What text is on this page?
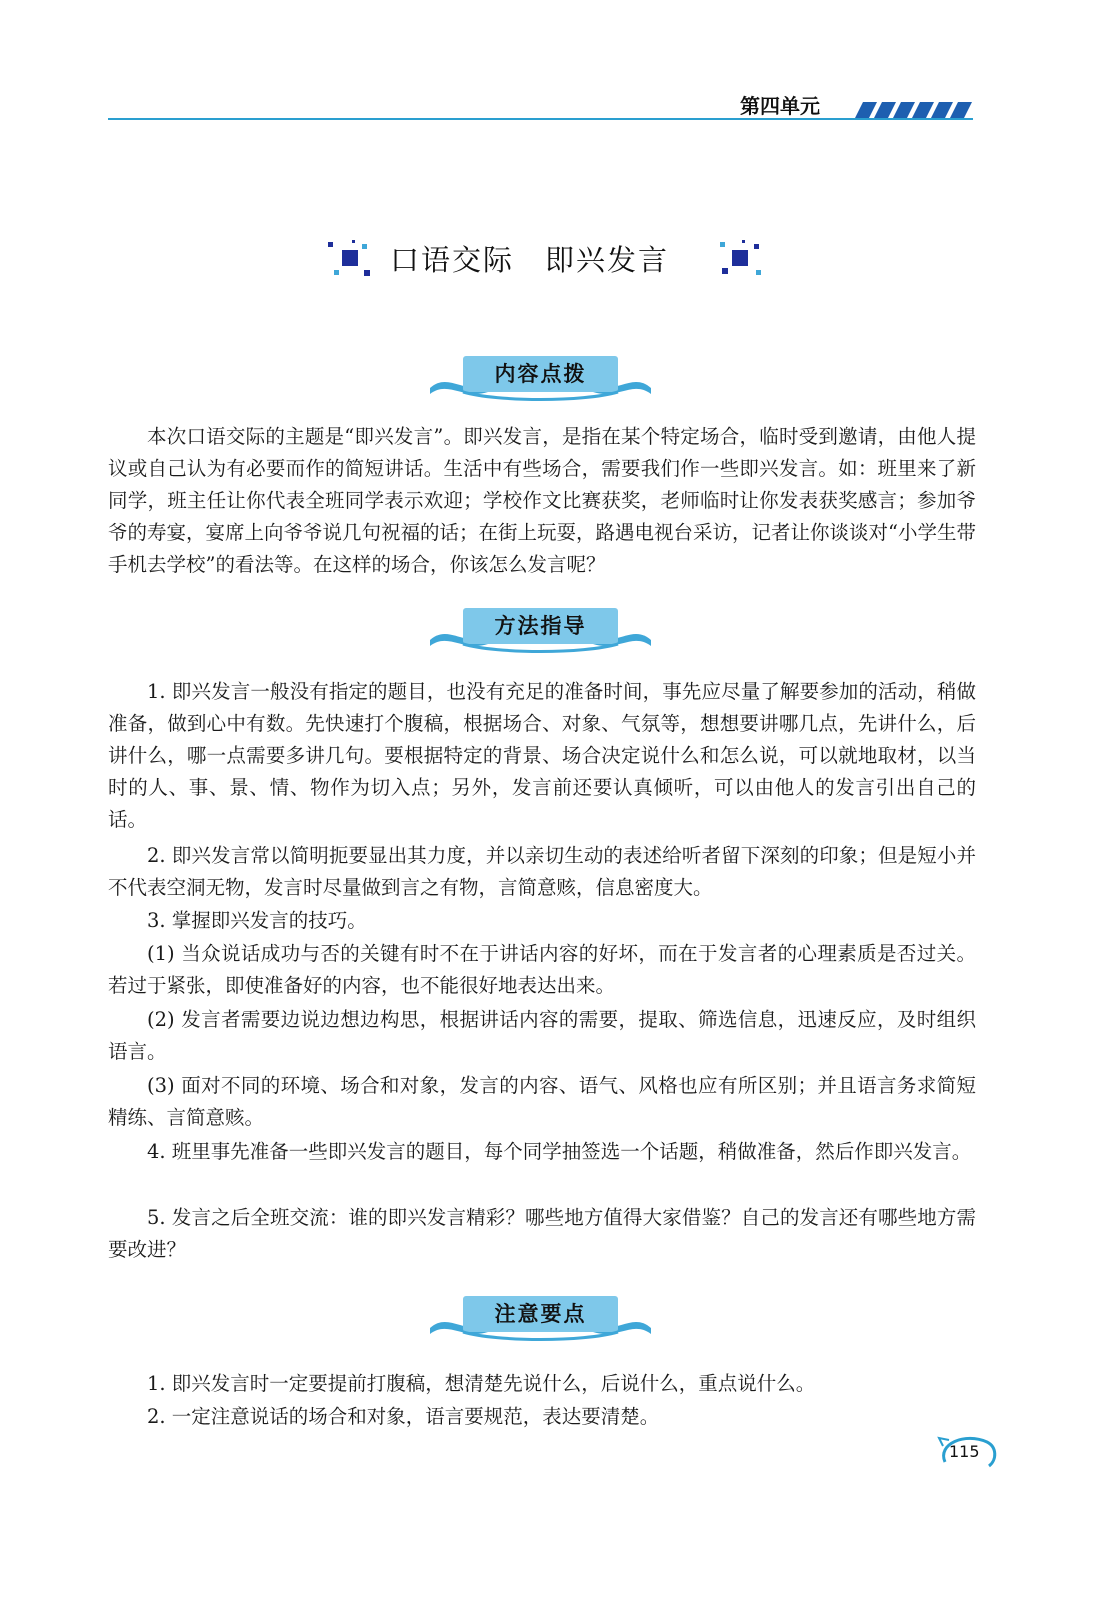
第四单元
口语交际　即兴发言
内容点拨

本次口语交际的主题是“即兴发言”。即兴发言，是指在某个特定场合，临时受到邀请，由他人提议或自己认为有必要而作的简短讲话。生活中有些场合，需要我们作一些即兴发言。如：班里来了新同学，班主任让你代表全班同学表示欢迎；学校作文比赛获奖，老师临时让你发表获奖感言；参加爷爷的寿宴，宴席上向爷爷说几句祝福的话；在街上玩耍，路遇电视台采访，记者让你谈谈对“小学生带手机去学校”的看法等。在这样的场合，你该怎么发言呢？

方法指导

1. 即兴发言一般没有指定的题目，也没有充足的准备时间，事先应尽量了解要参加的活动，稍做准备，做到心中有数。先快速打个腹稿，根据场合、对象、气氛等，想想要讲哪几点，先讲什么，后讲什么，哪一点需要多讲几句。要根据特定的背景、场合决定说什么和怎么说，可以就地取材，以当时的人、事、景、情、物作为切入点；另外，发言前还要认真倾听，可以由他人的发言引出自己的话。

2. 即兴发言常以简明扼要显出其力度，并以亲切生动的表述给听者留下深刻的印象；但是短小并不代表空洞无物，发言时尽量做到言之有物，言简意赅，信息密度大。

3. 掌握即兴发言的技巧。

(1) 当众说话成功与否的关键有时不在于讲话内容的好坏，而在于发言者的心理素质是否过关。若过于紧张，即使准备好的内容，也不能很好地表达出来。

(2) 发言者需要边说边想边构思，根据讲话内容的需要，提取、筛选信息，迅速反应，及时组织语言。

(3) 面对不同的环境、场合和对象，发言的内容、语气、风格也应有所区别；并且语言务求简短精练、言简意赅。

4. 班里事先准备一些即兴发言的题目，每个同学抽签选一个话题，稍做准备，然后作即兴发言。

5. 发言之后全班交流：谁的即兴发言精彩？哪些地方值得大家借鉴？自己的发言还有哪些地方需要改进？

注意要点

1. 即兴发言时一定要提前打腹稿，想清楚先说什么，后说什么，重点说什么。

2. 一定注意说话的场合和对象，语言要规范，表达要清楚。

115
